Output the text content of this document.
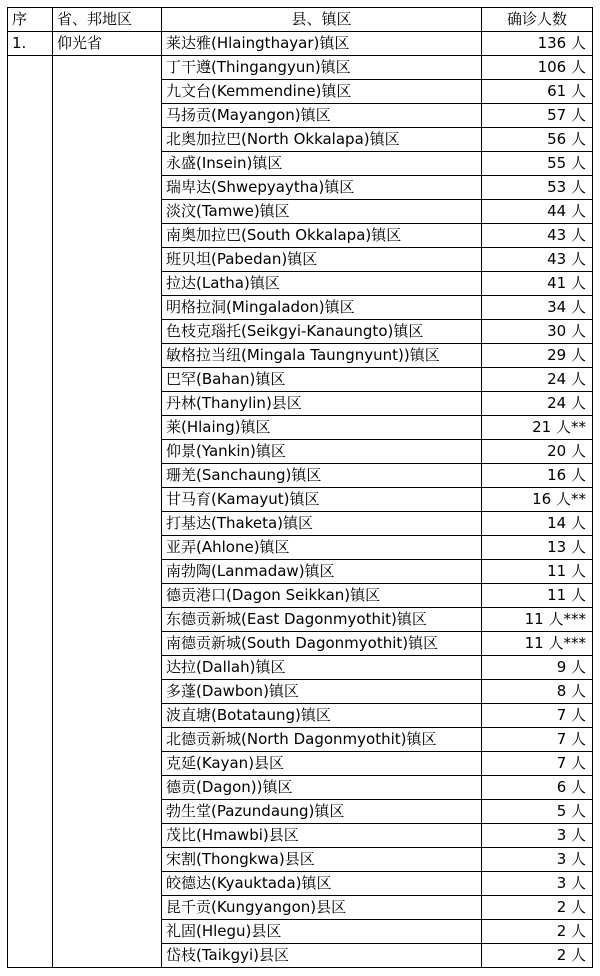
序	省、邦地区	县、镇区	确诊人数
1.	仰光省	莱达雅(Hlaingthayar)镇区	136 人
		丁干遵(Thingangyun)镇区	106 人
		九文台(Kemmendine)镇区	61 人
		马扬贡(Mayangon)镇区	57 人
		北奥加拉巴(North Okkalapa)镇区	56 人
		永盛(Insein)镇区	55 人
		瑞卑达(Shwepyaytha)镇区	53 人
		淡汶(Tamwe)镇区	44 人
		南奥加拉巴(South Okkalapa)镇区	43 人
		班贝坦(Pabedan)镇区	43 人
		拉达(Latha)镇区	41 人
		明格拉洞(Mingaladon)镇区	34 人
		色枝克瑙托(Seikgyi-Kanaungto)镇区	30 人
		敏格拉当纽(Mingala Taungnyunt))镇区	29 人
		巴罕(Bahan)镇区	24 人
		丹林(Thanylin)县区	24 人
		莱(Hlaing)镇区	21 人**
		仰景(Yankin)镇区	20 人
		珊羌(Sanchaung)镇区	16 人
		甘马育(Kamayut)镇区	16 人**
		打基达(Thaketa)镇区	14 人
		亚弄(Ahlone)镇区	13 人
		南勃陶(Lanmadaw)镇区	11 人
		德贡港口(Dagon Seikkan)镇区	11 人
		东德贡新城(East Dagonmyothit)镇区	11 人***
		南德贡新城(South Dagonmyothit)镇区	11 人***
		达拉(Dallah)镇区	9 人
		多蓬(Dawbon)镇区	8 人
		波直塘(Botataung)镇区	7 人
		北德贡新城(North Dagonmyothit)镇区	7 人
		克延(Kayan)县区	7 人
		德贡(Dagon))镇区	6 人
		勃生堂(Pazundaung)镇区	5 人
		茂比(Hmawbi)县区	3 人
		宋割(Thongkwa)县区	3 人
		皎德达(Kyauktada)镇区	3 人
		昆千贡(Kungyangon)县区	2 人
		礼固(Hlegu)县区	2 人
		岱枝(Taikgyi)县区	2 人
